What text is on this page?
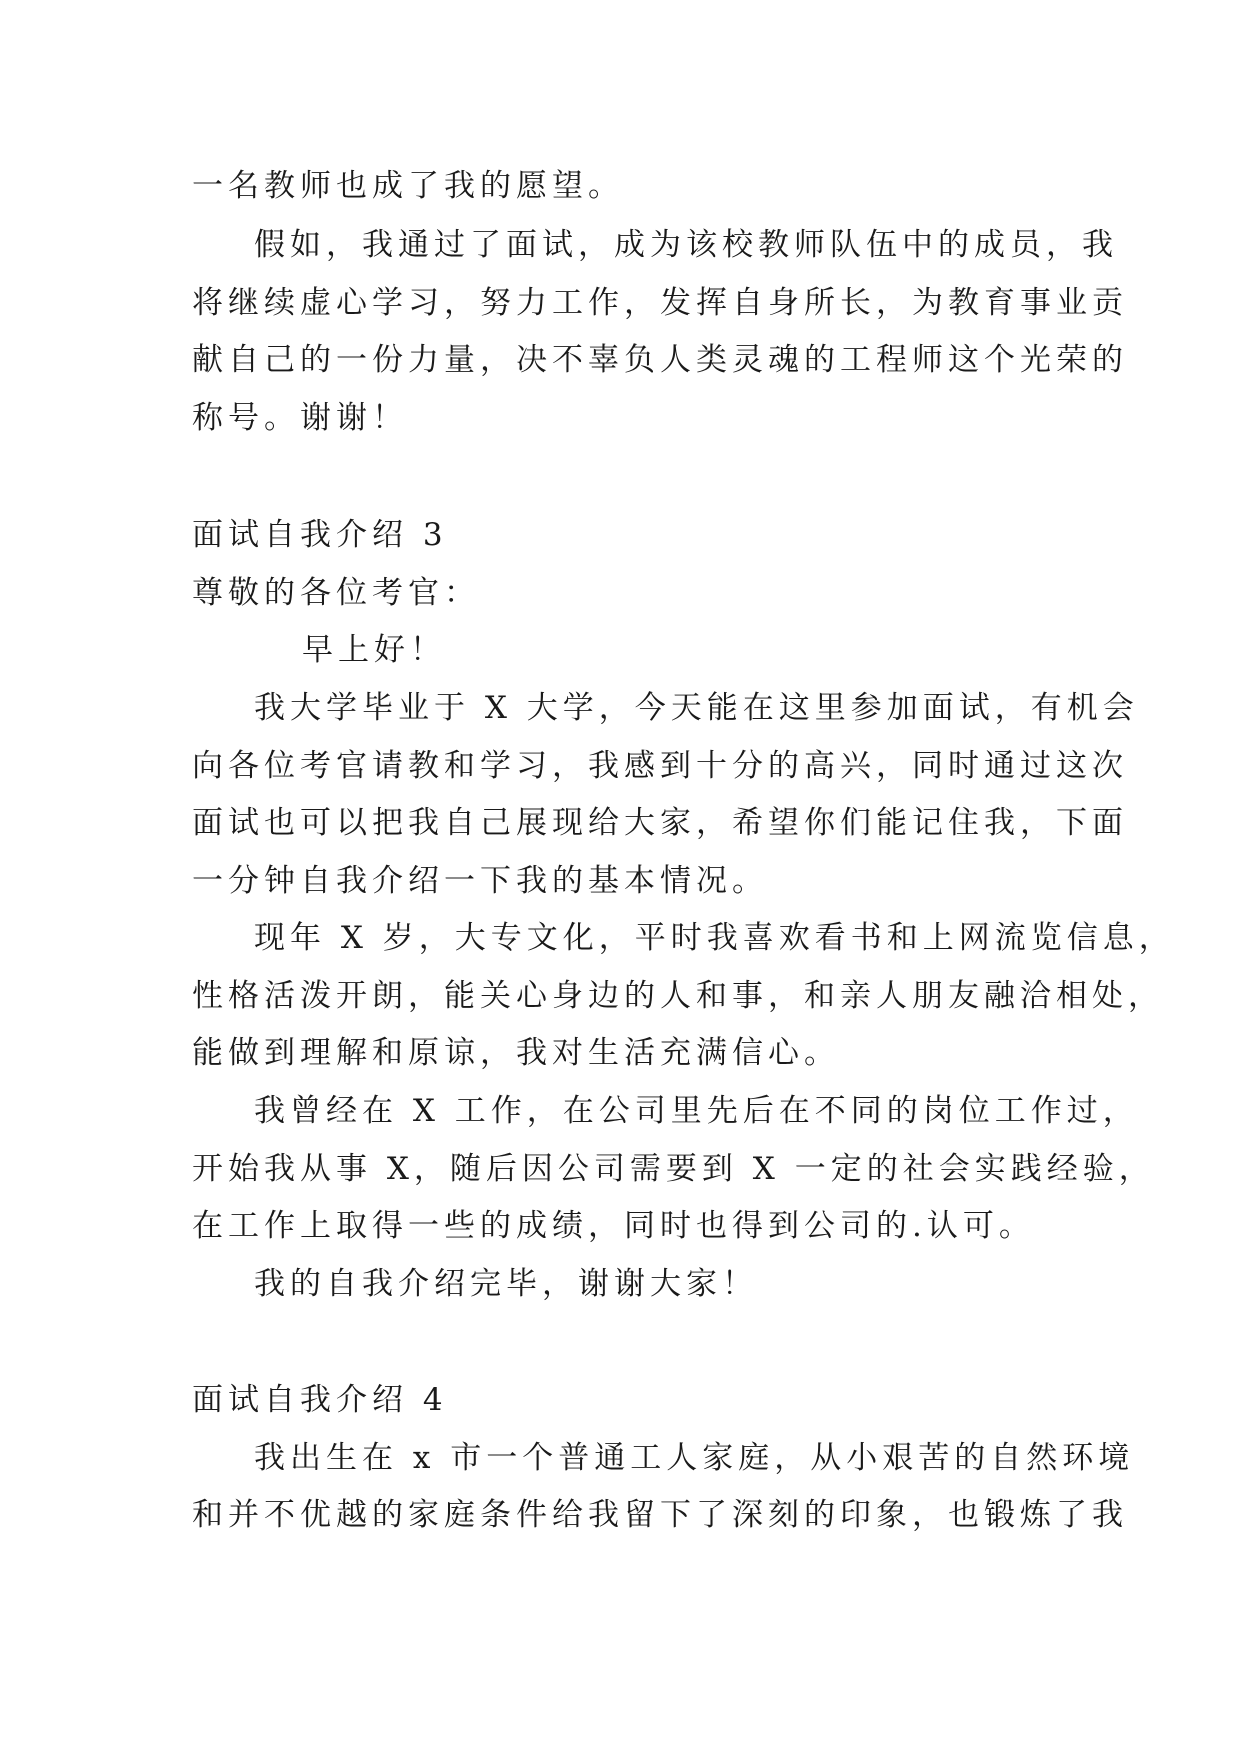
一名教师也成了我的愿望。
假如，我通过了面试，成为该校教师队伍中的成员，我
将继续虚心学习，努力工作，发挥自身所长，为教育事业贡
献自己的一份力量，决不辜负人类灵魂的工程师这个光荣的
称号。谢谢！
面试自我介绍 3
尊敬的各位考官：
早上好！
我大学毕业于 X 大学，今天能在这里参加面试，有机会
向各位考官请教和学习，我感到十分的高兴，同时通过这次
面试也可以把我自己展现给大家，希望你们能记住我，下面
一分钟自我介绍一下我的基本情况。
现年 X 岁，大专文化，平时我喜欢看书和上网流览信息，
性格活泼开朗，能关心身边的人和事，和亲人朋友融洽相处，
能做到理解和原谅，我对生活充满信心。
我曾经在 X 工作，在公司里先后在不同的岗位工作过，
开始我从事 X，随后因公司需要到 X 一定的社会实践经验，
在工作上取得一些的成绩，同时也得到公司的.认可。
我的自我介绍完毕，谢谢大家！
面试自我介绍 4
我出生在 x 市一个普通工人家庭，从小艰苦的自然环境
和并不优越的家庭条件给我留下了深刻的印象，也锻炼了我
